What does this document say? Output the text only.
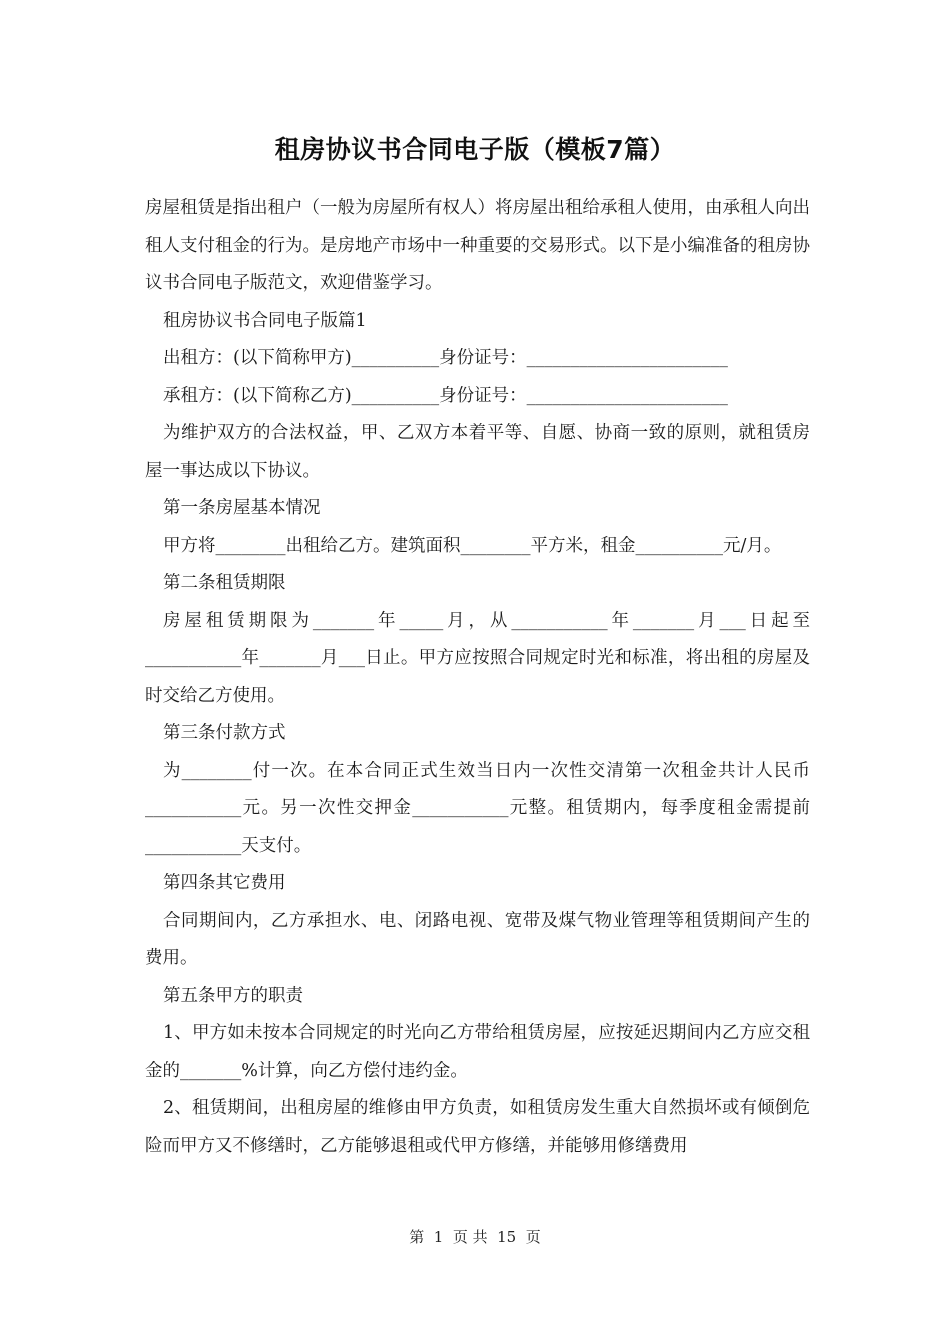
租房协议书合同电子版（模板7篇）

房屋租赁是指出租户（一般为房屋所有权人）将房屋出租给承租人使用，由承租人向出租人支付租金的行为。是房地产市场中一种重要的交易形式。以下是小编准备的租房协议书合同电子版范文，欢迎借鉴学习。

租房协议书合同电子版篇1

出租方：(以下简称甲方)__________身份证号：_______________________

承租方：(以下简称乙方)__________身份证号：_______________________

为维护双方的合法权益，甲、乙双方本着平等、自愿、协商一致的原则，就租赁房屋一事达成以下协议。

第一条房屋基本情况

甲方将________出租给乙方。建筑面积________平方米，租金__________元/月。

第二条租赁期限

房屋租赁期限为_______年_____月，从___________年_______月___日起至___________年_______月___日止。甲方应按照合同规定时光和标准，将出租的房屋及时交给乙方使用。

第三条付款方式

为________付一次。在本合同正式生效当日内一次性交清第一次租金共计人民币___________元。另一次性交押金___________元整。租赁期内，每季度租金需提前___________天支付。

第四条其它费用

合同期间内，乙方承担水、电、闭路电视、宽带及煤气物业管理等租赁期间产生的费用。

第五条甲方的职责

1、甲方如未按本合同规定的时光向乙方带给租赁房屋，应按延迟期间内乙方应交租金的_______%计算，向乙方偿付违约金。

2、租赁期间，出租房屋的维修由甲方负责，如租赁房发生重大自然损坏或有倾倒危险而甲方又不修缮时，乙方能够退租或代甲方修缮，并能够用修缮费用

第  1  页 共  15  页
